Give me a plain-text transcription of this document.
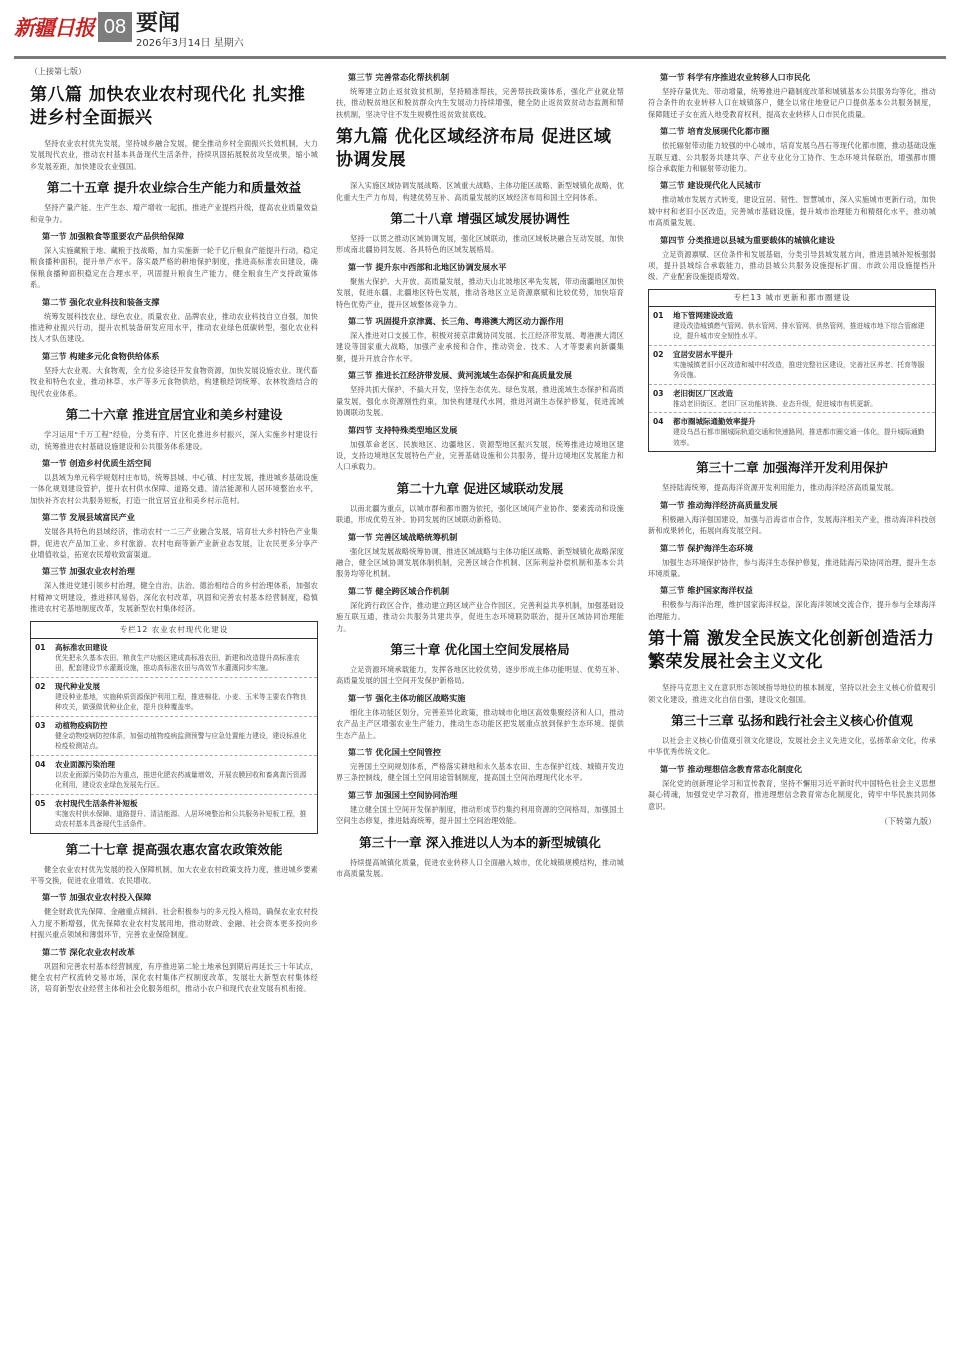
新疆日报 08 要闻
2026年3月14日 星期六
（上接第七版）
第八篇 加快农业农村现代化 扎实推进乡村全面振兴

坚持农业农村优先发展，坚持城乡融合发展，健全推动乡村全面振兴长效机制，大力发展现代农业，推动农村基本具备现代生活条件，持续巩固拓展脱贫攻坚成果，缩小城乡发展差距，加快建设农业强国。

第二十五章 提升农业综合生产能力和质量效益

坚持产量产能、生产生态、增产增收一起抓，推进产业提档升级，提高农业质量效益和竞争力。

第一节 加强粮食等重要农产品供给保障

深入实施藏粮于地、藏粮于技战略，加力实施新一轮千亿斤粮食产能提升行动，稳定粮食播种面积，提升单产水平。落实最严格的耕地保护制度，推进高标准农田建设，确保粮食播种面积稳定在合理水平，巩固提升粮食生产能力，健全粮食生产支持政策体系。

第二节 强化农业科技和装备支撑

统筹发展科技农业、绿色农业、质量农业、品牌农业，推动农业科技自立自强，加快推进种业振兴行动，提升农机装备研发应用水平，推动农业绿色低碳转型，强化农业科技人才队伍建设。

第三节 构建多元化食物供给体系

坚持大农业观、大食物观，全方位多途径开发食物资源，加快发展设施农业、现代畜牧业和特色农业，推动林草、水产等多元食物供给，构建粮经饲统筹、农林牧渔结合的现代农业体系。

第二十六章 推进宜居宜业和美乡村建设

学习运用“千万工程”经验，分类有序、片区化推进乡村振兴，深入实施乡村建设行动，统筹推进农村基础设施建设和公共服务体系建设。

第一节 创造乡村优质生活空间

以县域为单元科学规划村庄布局，统筹县城、中心镇、村庄发展，推进城乡基础设施一体化规划建设管护，提升农村供水保障、道路交通、清洁能源和人居环境整治水平，加快补齐农村公共服务短板，打造一批宜居宜业和美乡村示范村。

第二节 发展县域富民产业

发展各具特色的县域经济，推动农村一二三产业融合发展，培育壮大乡村特色产业集群，促进农产品加工业、乡村旅游、农村电商等新产业新业态发展，让农民更多分享产业增值收益，拓宽农民增收致富渠道。

第三节 加强农业农村治理

深入推进党建引领乡村治理，健全自治、法治、德治相结合的乡村治理体系，加强农村精神文明建设，推进移风易俗，深化农村改革，巩固和完善农村基本经营制度，稳慎推进农村宅基地制度改革，发展新型农村集体经济。

专栏12 农业农村现代化建设
01	高标准农田建设
优先把永久基本农田、粮食生产功能区建成高标准农田，新建和改造提升高标准农田，配套建设节水灌溉设施，推动高标准农田与高效节水灌溉同步实施。
02	现代种业发展
建设种业基地，实施种质资源保护利用工程，推进棉花、小麦、玉米等主要农作物良种攻关，做强做优种业企业，提升良种覆盖率。
03	动植物疫病防控
健全动物疫病防控体系，加强动植物疫病监测预警与应急处置能力建设，建设标准化检疫检测站点。
04	农业面源污染治理
以农业面源污染防治为重点，推进化肥农药减量增效，开展农膜回收和畜禽粪污资源化利用，建设农业绿色发展先行区。
05	农村现代生活条件补短板
实施农村供水保障、道路提升、清洁能源、人居环境整治和公共服务补短板工程，推动农村基本具备现代生活条件。
第二十七章 提高强农惠农富农政策效能

健全农业农村优先发展的投入保障机制，加大农业农村政策支持力度，推进城乡要素平等交换，促进农业增效、农民增收。

第一节 加强农业农村投入保障

健全财政优先保障、金融重点倾斜、社会积极参与的多元投入格局，确保农业农村投入力度不断增强，优先保障农业农村发展用地，推动财政、金融、社会资本更多投向乡村振兴重点领域和薄弱环节，完善农业保险制度。

第二节 深化农业农村改革

巩固和完善农村基本经营制度，有序推进第二轮土地承包到期后再延长三十年试点，健全农村产权流转交易市场，深化农村集体产权制度改革，发展壮大新型农村集体经济，培育新型农业经营主体和社会化服务组织，推动小农户和现代农业发展有机衔接。

第三节 完善常态化帮扶机制

统筹建立防止返贫致贫机制，坚持精准帮扶，完善帮扶政策体系，强化产业就业帮扶，推动脱贫地区和脱贫群众内生发展动力持续增强，健全防止返贫致贫动态监测和帮扶机制，坚决守住不发生规模性返贫致贫底线。

第九篇 优化区域经济布局 促进区域协调发展

深入实施区域协调发展战略、区域重大战略、主体功能区战略、新型城镇化战略，优化重大生产力布局，构建优势互补、高质量发展的区域经济布局和国土空间体系。

第二十八章 增强区域发展协调性

坚持一以贯之推动区域协调发展，强化区域联动，推动区域板块融合互动发展，加快形成南北疆协同发展、各具特色的区域发展格局。

第一节 提升东中西部和北地区协调发展水平

聚焦大保护、大开放、高质量发展，推动天山北坡地区率先发展，带动南疆地区加快发展，促进东疆、北疆地区特色发展，推动各地区立足资源禀赋和比较优势，加快培育特色优势产业，提升区域整体竞争力。

第二节 巩固提升京津冀、长三角、粤港澳大湾区动力源作用

深入推进对口支援工作，积极对接京津冀协同发展、长江经济带发展、粤港澳大湾区建设等国家重大战略，加强产业承接和合作，推动资金、技术、人才等要素向新疆集聚，提升开放合作水平。

第三节 推进长江经济带发展、黄河流域生态保护和高质量发展

坚持共抓大保护、不搞大开发，坚持生态优先、绿色发展，推进流域生态保护和高质量发展，强化水资源刚性约束，加快构建现代水网，推进河湖生态保护修复，促进流域协调联动发展。

第四节 支持特殊类型地区发展

加强革命老区、民族地区、边疆地区、资源型地区振兴发展，统筹推进边境地区建设，支持边境地区发展特色产业，完善基础设施和公共服务，提升边境地区发展能力和人口承载力。

第二十九章 促进区域联动发展

以南北疆为重点，以城市群和都市圈为依托，强化区域间产业协作、要素流动和设施联通，形成优势互补、协同发展的区域联动新格局。

第一节 完善区域战略统筹机制

强化区域发展战略统筹协调，推进区域战略与主体功能区战略、新型城镇化战略深度融合，健全区域协调发展体制机制，完善区域合作机制、区际利益补偿机制和基本公共服务均等化机制。

第二节 健全跨区域合作机制

深化跨行政区合作，推动建立跨区域产业合作园区，完善利益共享机制，加强基础设施互联互通，推动公共服务共建共享，促进生态环境联防联治，提升区域协同治理能力。

第三十章 优化国土空间发展格局

立足资源环境承载能力，发挥各地区比较优势，逐步形成主体功能明显、优势互补、高质量发展的国土空间开发保护新格局。

第一节 强化主体功能区战略实施

细化主体功能区划分，完善差异化政策，推动城市化地区高效集聚经济和人口，推动农产品主产区增强农业生产能力，推动生态功能区把发展重点放到保护生态环境、提供生态产品上。

第二节 优化国土空间管控

完善国土空间规划体系，严格落实耕地和永久基本农田、生态保护红线、城镇开发边界三条控制线，健全国土空间用途管制制度，提高国土空间治理现代化水平。

第三节 加强国土空间协同治理

建立健全国土空间开发保护制度，推动形成节约集约利用资源的空间格局，加强国土空间生态修复，推进陆海统筹，提升国土空间治理效能。

第三十一章 深入推进以人为本的新型城镇化

持续提高城镇化质量，促进农业转移人口全面融入城市，优化城镇规模结构，推动城市高质量发展。

第一节 科学有序推进农业转移人口市民化

坚持存量优先、带动增量，统筹推进户籍制度改革和城镇基本公共服务均等化，推动符合条件的农业转移人口在城镇落户，健全以常住地登记户口提供基本公共服务制度，保障随迁子女在流入地受教育权利，提高农业转移人口市民化质量。

第二节 培育发展现代化都市圈

依托辐射带动能力较强的中心城市，培育发展乌昌石等现代化都市圈，推动基础设施互联互通、公共服务共建共享、产业专业化分工协作、生态环境共保联治，增强都市圈综合承载能力和辐射带动能力。

第三节 建设现代化人民城市

推动城市发展方式转变，建设宜居、韧性、智慧城市，深入实施城市更新行动，加快城中村和老旧小区改造，完善城市基础设施，提升城市治理能力和精细化水平，推动城市高质量发展。

第四节 分类推进以县城为重要载体的城镇化建设

立足资源禀赋、区位条件和发展基础，分类引导县城发展方向，推进县城补短板强弱项，提升县城综合承载能力，推动县城公共服务设施提标扩面、市政公用设施提档升级、产业配套设施提质增效。

专栏13 城市更新和都市圈建设
01	地下管网建设改造
建设改造城镇燃气管网、供水管网、排水管网、供热管网，推进城市地下综合管廊建设，提升城市安全韧性水平。
02	宜居安居水平提升
实施城镇老旧小区改造和城中村改造，推进完整社区建设，完善社区养老、托育等服务设施。
03	老旧街区厂区改造
推动老旧街区、老旧厂区功能转换、业态升级，促进城市有机更新。
04	都市圈城际通勤效率提升
建设乌昌石都市圈城际轨道交通和快速路网，推进都市圈交通一体化，提升城际通勤效率。
第三十二章 加强海洋开发利用保护

坚持陆海统筹，提高海洋资源开发利用能力，推动海洋经济高质量发展。

第一节 推动海洋经济高质量发展

积极融入海洋强国建设，加强与沿海省市合作，发展海洋相关产业，推动海洋科技创新和成果转化，拓展向海发展空间。

第二节 保护海洋生态环境

加强生态环境保护协作，参与海洋生态保护修复，推进陆海污染协同治理，提升生态环境质量。

第三节 维护国家海洋权益

积极参与海洋治理，维护国家海洋权益，深化海洋领域交流合作，提升参与全球海洋治理能力。

第十篇 激发全民族文化创新创造活力 繁荣发展社会主义文化

坚持马克思主义在意识形态领域指导地位的根本制度，坚持以社会主义核心价值观引领文化建设，推进文化自信自强，建设文化强国。

第三十三章 弘扬和践行社会主义核心价值观

以社会主义核心价值观引领文化建设，发展社会主义先进文化，弘扬革命文化，传承中华优秀传统文化。

第一节 推动理想信念教育常态化制度化

深化党的创新理论学习和宣传教育，坚持不懈用习近平新时代中国特色社会主义思想凝心铸魂，加强党史学习教育，推进理想信念教育常态化制度化，铸牢中华民族共同体意识。

（下转第九版）
